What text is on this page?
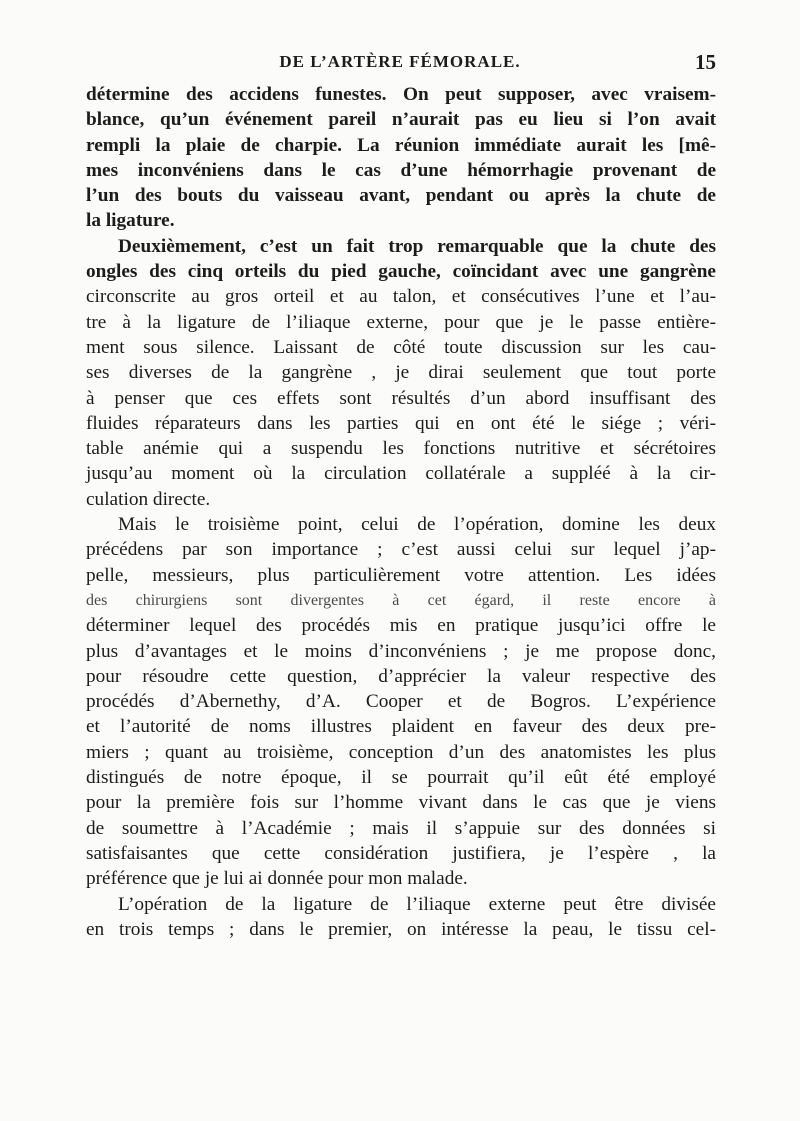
DE L’ARTÈRE FÉMORALE.	15
détermine des accidens funestes. On peut supposer, avec vraisem-
blance, qu’un événement pareil n’aurait pas eu lieu si l’on avait
rempli la plaie de charpie. La réunion immédiate aurait les [mê-
mes inconvéniens dans le cas d’une hémorrhagie provenant de
l’un des bouts du vaisseau avant, pendant ou après la chute de
la ligature.
Deuxièmement, c’est un fait trop remarquable que la chute des
ongles des cinq orteils du pied gauche, coïncidant avec une gangrène
circonscrite au gros orteil et au talon, et consécutives l’une et l’au-
tre à la ligature de l’iliaque externe, pour que je le passe entière-
ment sous silence. Laissant de côté toute discussion sur les cau-
ses diverses de la gangrène , je dirai seulement que tout porte
à penser que ces effets sont résultés d’un abord insuffisant des
fluides réparateurs dans les parties qui en ont été le siége ; véri-
table anémie qui a suspendu les fonctions nutritive et sécrétoires
jusqu’au moment où la circulation collatérale a suppléé à la cir-
culation directe.
Mais le troisième point, celui de l’opération, domine les deux
précédens par son importance ; c’est aussi celui sur lequel j’ap-
pelle, messieurs, plus particulièrement votre attention. Les idées
des chirurgiens sont divergentes à cet égard, il reste encore à
déterminer lequel des procédés mis en pratique jusqu’ici offre le
plus d’avantages et le moins d’inconvéniens ; je me propose donc,
pour résoudre cette question, d’apprécier la valeur respective des
procédés d’Abernethy, d’A. Cooper et de Bogros. L’expérience
et l’autorité de noms illustres plaident en faveur des deux pre-
miers ; quant au troisième, conception d’un des anatomistes les plus
distingués de notre époque, il se pourrait qu’il eût été employé
pour la première fois sur l’homme vivant dans le cas que je viens
de soumettre à l’Académie ; mais il s’appuie sur des données si
satisfaisantes que cette considération justifiera, je l’espère , la
préférence que je lui ai donnée pour mon malade.
L’opération de la ligature de l’iliaque externe peut être divisée
en trois temps ; dans le premier, on intéresse la peau, le tissu cel-
